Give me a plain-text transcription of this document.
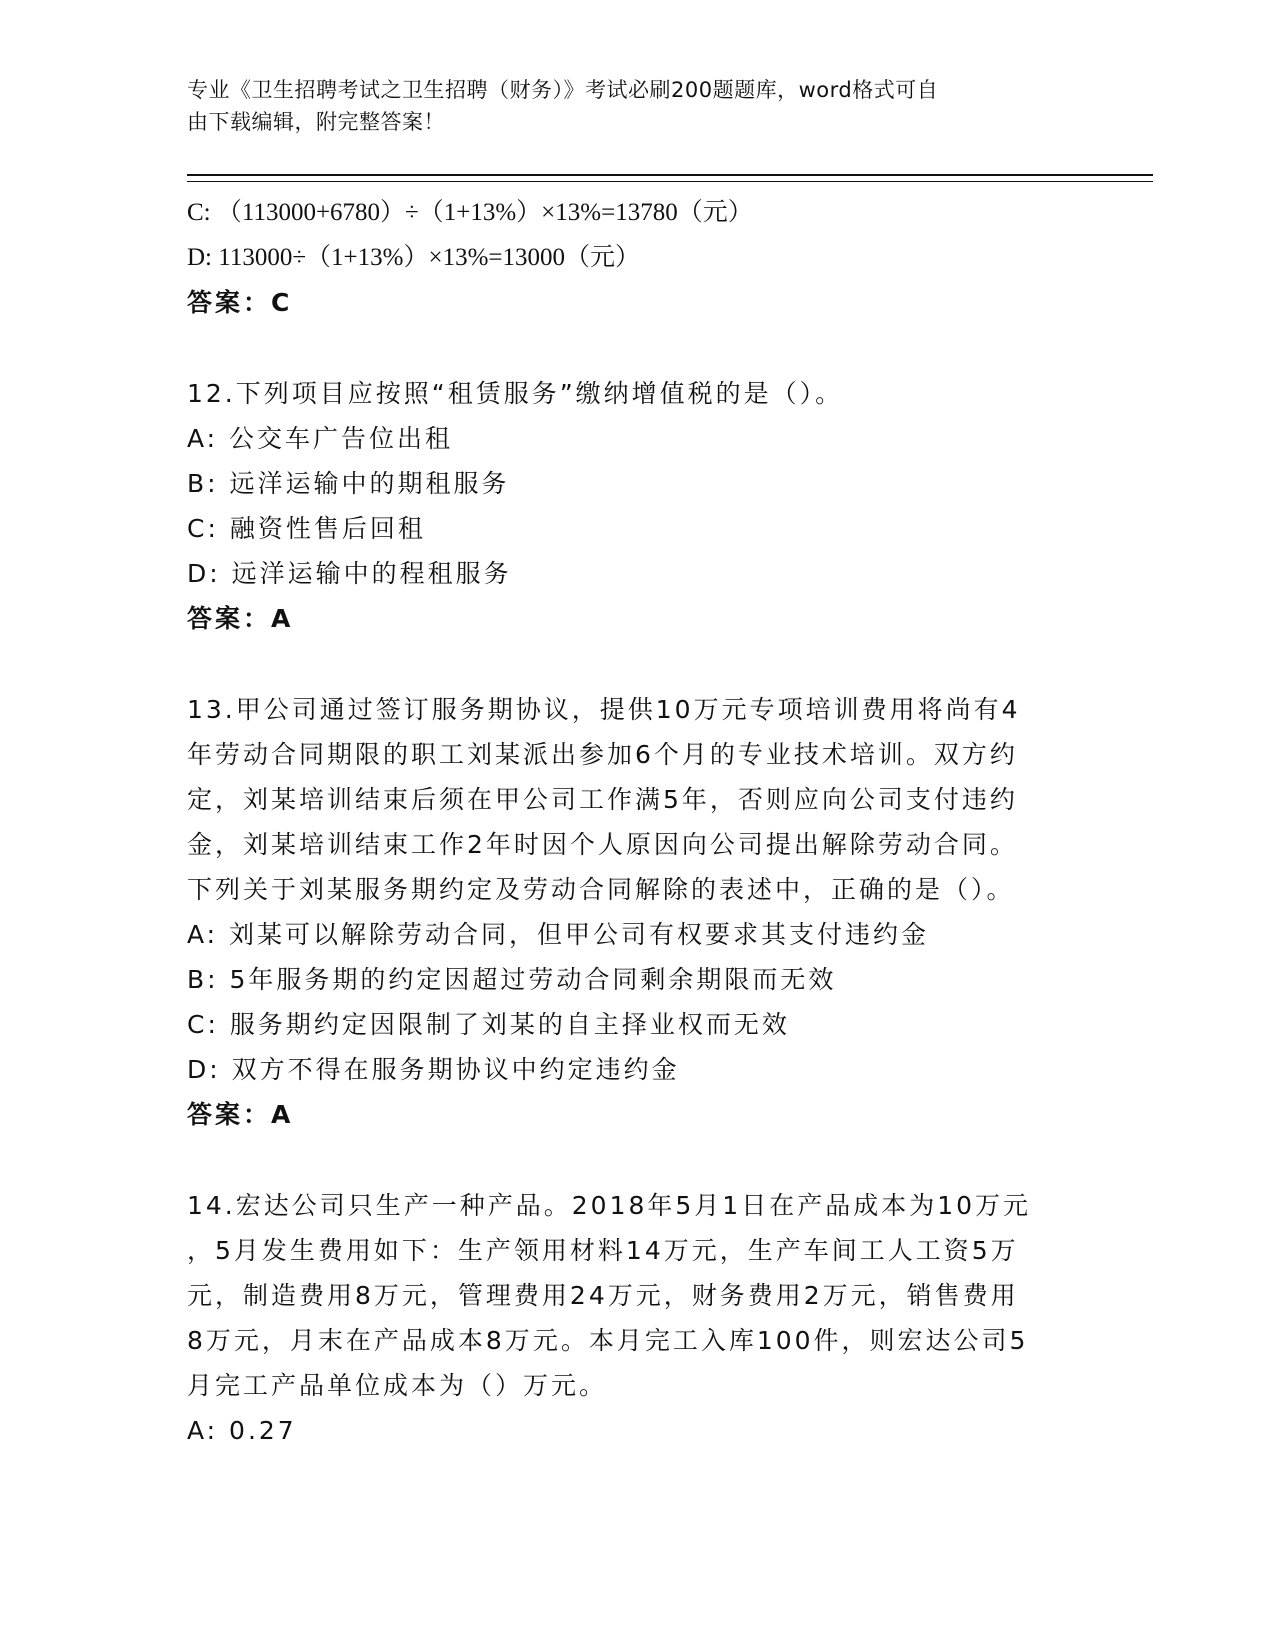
专业《卫生招聘考试之卫生招聘（财务）》考试必刷200题题库，word格式可自
由下载编辑，附完整答案！
C: （113000+6780）÷（1+13%）×13%=13780（元）
D: 113000÷（1+13%）×13%=13000（元）
答案：C
12.下列项目应按照“租赁服务”缴纳增值税的是（）。
A: 公交车广告位出租
B: 远洋运输中的期租服务
C: 融资性售后回租
D: 远洋运输中的程租服务
答案：A
13.甲公司通过签订服务期协议，提供10万元专项培训费用将尚有4
年劳动合同期限的职工刘某派出参加6个月的专业技术培训。双方约
定，刘某培训结束后须在甲公司工作满5年，否则应向公司支付违约
金，刘某培训结束工作2年时因个人原因向公司提出解除劳动合同。
下列关于刘某服务期约定及劳动合同解除的表述中，正确的是（）。
A: 刘某可以解除劳动合同，但甲公司有权要求其支付违约金
B: 5年服务期的约定因超过劳动合同剩余期限而无效
C: 服务期约定因限制了刘某的自主择业权而无效
D: 双方不得在服务期协议中约定违约金
答案：A
14.宏达公司只生产一种产品。2018年5月1日在产品成本为10万元
，5月发生费用如下：生产领用材料14万元，生产车间工人工资5万
元，制造费用8万元，管理费用24万元，财务费用2万元，销售费用
8万元，月末在产品成本8万元。本月完工入库100件，则宏达公司5
月完工产品单位成本为（）万元。
A: 0.27
